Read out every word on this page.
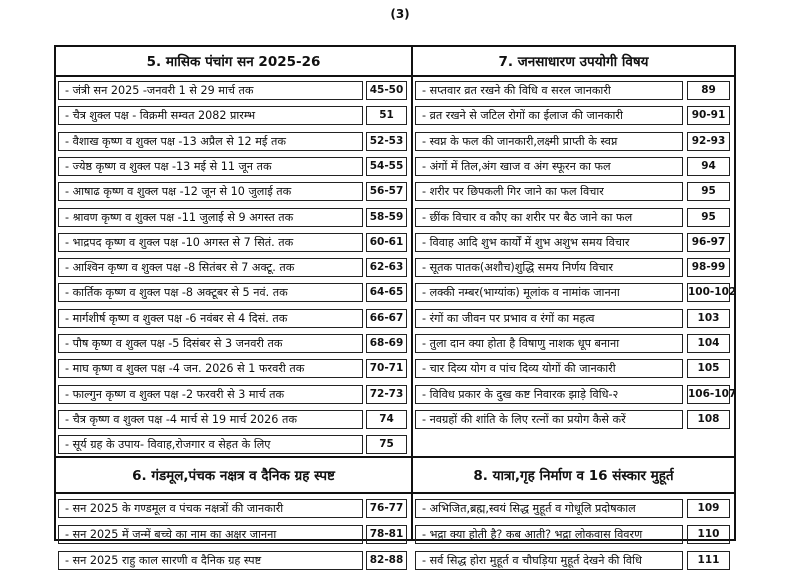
(3)
5. मासिक पंचांग सन 2025-26
- जंत्री सन 2025 -जनवरी 1 से 29 मार्च तक	45-50
- चैत्र शुक्ल पक्ष - विक्रमी सम्वत 2082 प्रारम्भ	51
- वैशाख कृष्ण व शुक्ल पक्ष -13 अप्रैल से 12 मई तक	52-53
- ज्येष्ठ कृष्ण व शुक्ल पक्ष -13 मई से 11 जून तक	54-55
- आषाढ कृष्ण व शुक्ल पक्ष -12 जून से 10 जुलाई तक	56-57
- श्रावण कृष्ण व शुक्ल पक्ष -11 जुलाई से 9 अगस्त तक	58-59
- भाद्रपद कृष्ण व शुक्ल पक्ष -10 अगस्त से 7 सितं. तक	60-61
- आश्विन कृष्ण व शुक्ल पक्ष -8 सितंबर से 7 अक्टू. तक	62-63
- कार्तिक कृष्ण व शुक्ल पक्ष -8 अक्टूबर से 5 नवं. तक	64-65
- मार्गशीर्ष कृष्ण व शुक्ल पक्ष -6 नवंबर से 4 दिसं. तक	66-67
- पौष कृष्ण व शुक्ल पक्ष -5 दिसंबर से 3 जनवरी तक	68-69
- माघ कृष्ण व शुक्ल पक्ष -4 जन. 2026 से 1 फरवरी तक	70-71
- फाल्गुन कृष्ण व शुक्ल पक्ष -2 फरवरी से 3 मार्च तक	72-73
- चैत्र कृष्ण व शुक्ल पक्ष -4 मार्च से 19 मार्च 2026 तक	74
- सूर्य ग्रह के उपाय- विवाह,रोजगार व सेहत के लिए	75
6. गंडमूल,पंचक नक्षत्र व दैनिक ग्रह स्पष्ट
- सन 2025 के गण्डमूल व पंचक नक्षत्रों की जानकारी	76-77
- सन 2025 में जन्में बच्चे का नाम का अक्षर जानना	78-81
- सन 2025 राहु काल सारणी व दैनिक ग्रह स्पष्ट	82-88
7. जनसाधारण उपयोगी विषय
- सप्तवार व्रत रखने की विधि व सरल जानकारी	89
- व्रत रखने से जटिल रोगों का ईलाज की जानकारी	90-91
- स्वप्न के फल की जानकारी,लक्ष्मी प्राप्ती के स्वप्न	92-93
- अंगों में तिल,अंग खाज व अंग स्फूरन का फल	94
- शरीर पर छिपकली गिर जाने का फल विचार	95
- छींक विचार व कौए का शरीर पर बैठ जाने का फल	95
- विवाह आदि शुभ कार्यों में शुभ अशुभ समय विचार	96-97
- सूतक पातक(अशौच)शुद्धि समय निर्णय विचार	98-99
- लक्की नम्बर(भाग्यांक) मूलांक व नामांक जानना	100-102
- रंगों का जीवन पर प्रभाव व रंगों का महत्व	103
- तुला दान क्या होता है विषाणु नाशक धूप बनाना	104
- चार दिव्य योग व पांच दिव्य योगों की जानकारी	105
- विविध प्रकार के दुख कष्ट निवारक झाड़े विधि-२	106-107
- नवग्रहों की शांति के लिए रत्नों का प्रयोग कैसे करें	108
8. यात्रा,गृह निर्माण व 16 संस्कार मुहूर्त
- अभिजित,ब्रह्म,स्वयं सिद्ध मुहूर्त व गोधूलि प्रदोषकाल	109
- भद्रा क्या होती है? कब आती? भद्रा लोकवास विवरण	110
- सर्व सिद्ध होरा मुहूर्त व चौघड़िया मुहूर्त देखने की विधि	111
